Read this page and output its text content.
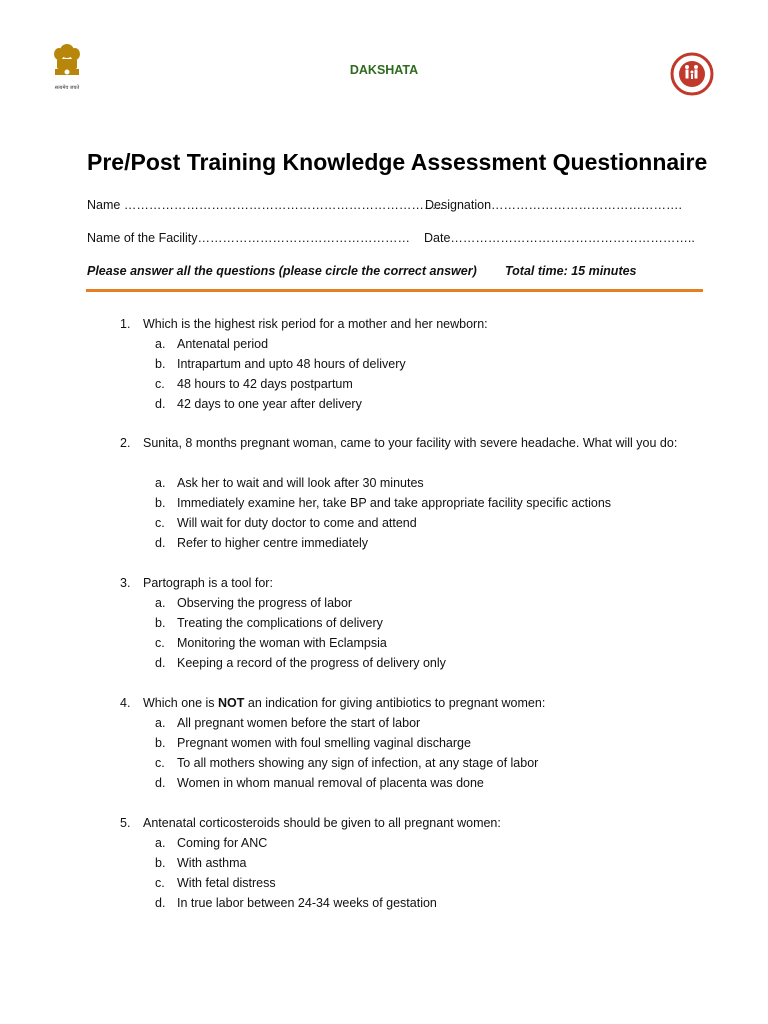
सत्यमेव जयते
DAKSHATA
Pre/Post Training Knowledge Assessment Questionnaire
Name …………………………………………………………………..
Designation……………………………………….
Name of the Facility…………………………………………… Date…………………………………………………..
Please answer all the questions (please circle the correct answer) Total time: 15 minutes
1. Which is the highest risk period for a mother and her newborn:
a. Antenatal period
b. Intrapartum and upto 48 hours of delivery
c. 48 hours to 42 days postpartum
d. 42 days to one year after delivery
2. Sunita, 8 months pregnant woman, came to your facility with severe headache. What will you do:
a. Ask her to wait and will look after 30 minutes
b. Immediately examine her, take BP and take appropriate facility specific actions
c. Will wait for duty doctor to come and attend
d. Refer to higher centre immediately
3. Partograph is a tool for:
a. Observing the progress of labor
b. Treating the complications of delivery
c. Monitoring the woman with Eclampsia
d. Keeping a record of the progress of delivery only
4. Which one is NOT an indication for giving antibiotics to pregnant women:
a. All pregnant women before the start of labor
b. Pregnant women with foul smelling vaginal discharge
c. To all mothers showing any sign of infection, at any stage of labor
d. Women in whom manual removal of placenta was done
5. Antenatal corticosteroids should be given to all pregnant women:
a. Coming for ANC
b. With asthma
c. With fetal distress
d. In true labor between 24-34 weeks of gestation
